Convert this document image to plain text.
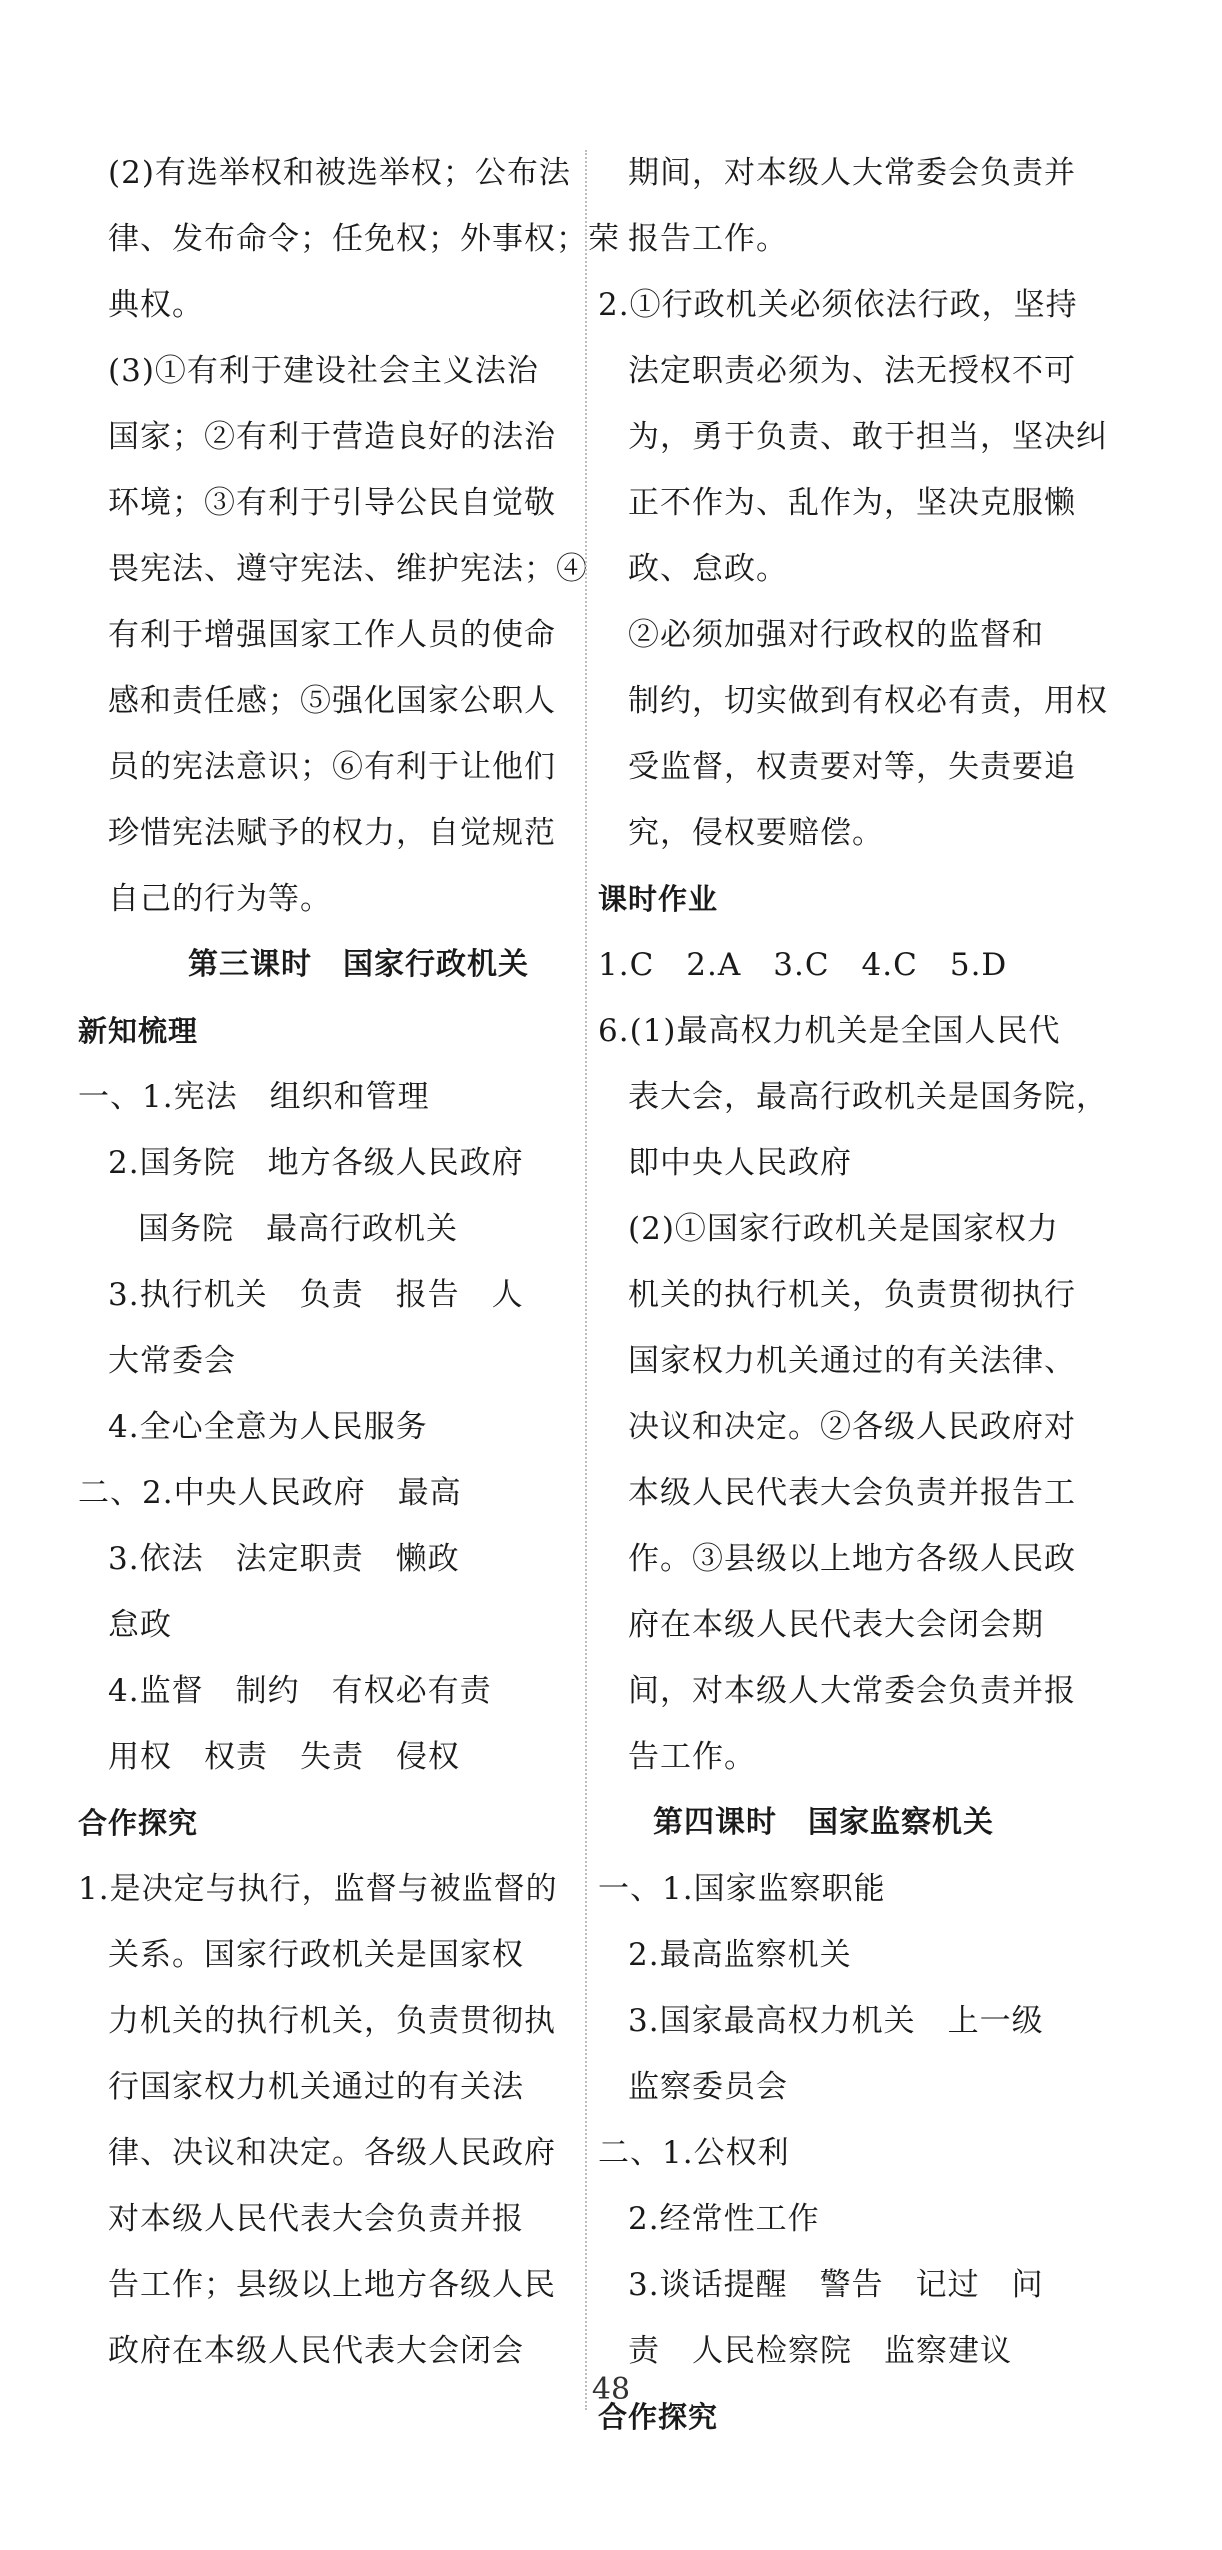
(2)有选举权和被选举权；公布法
律、发布命令；任免权；外事权；荣
典权。
(3)①有利于建设社会主义法治
国家；②有利于营造良好的法治
环境；③有利于引导公民自觉敬
畏宪法、遵守宪法、维护宪法；④
有利于增强国家工作人员的使命
感和责任感；⑤强化国家公职人
员的宪法意识；⑥有利于让他们
珍惜宪法赋予的权力，自觉规范
自己的行为等。
第三课时　国家行政机关
新知梳理
一、1.宪法　组织和管理
2.国务院　地方各级人民政府
国务院　最高行政机关
3.执行机关　负责　报告　人
大常委会
4.全心全意为人民服务
二、2.中央人民政府　最高
3.依法　法定职责　懒政
怠政
4.监督　制约　有权必有责
用权　权责　失责　侵权
合作探究
1.是决定与执行，监督与被监督的
关系。国家行政机关是国家权
力机关的执行机关，负责贯彻执
行国家权力机关通过的有关法
律、决议和决定。各级人民政府
对本级人民代表大会负责并报
告工作；县级以上地方各级人民
政府在本级人民代表大会闭会
期间，对本级人大常委会负责并
报告工作。
2.①行政机关必须依法行政，坚持
法定职责必须为、法无授权不可
为，勇于负责、敢于担当，坚决纠
正不作为、乱作为，坚决克服懒
政、怠政。
②必须加强对行政权的监督和
制约，切实做到有权必有责，用权
受监督，权责要对等，失责要追
究，侵权要赔偿。
课时作业
1.C　2.A　3.C　4.C　5.D
6.(1)最高权力机关是全国人民代
表大会，最高行政机关是国务院，
即中央人民政府
(2)①国家行政机关是国家权力
机关的执行机关，负责贯彻执行
国家权力机关通过的有关法律、
决议和决定。②各级人民政府对
本级人民代表大会负责并报告工
作。③县级以上地方各级人民政
府在本级人民代表大会闭会期
间，对本级人大常委会负责并报
告工作。
第四课时　国家监察机关
一、1.国家监察职能
2.最高监察机关
3.国家最高权力机关　上一级
监察委员会
二、1.公权利
2.经常性工作
3.谈话提醒　警告　记过　问
责　人民检察院　监察建议
合作探究
48
